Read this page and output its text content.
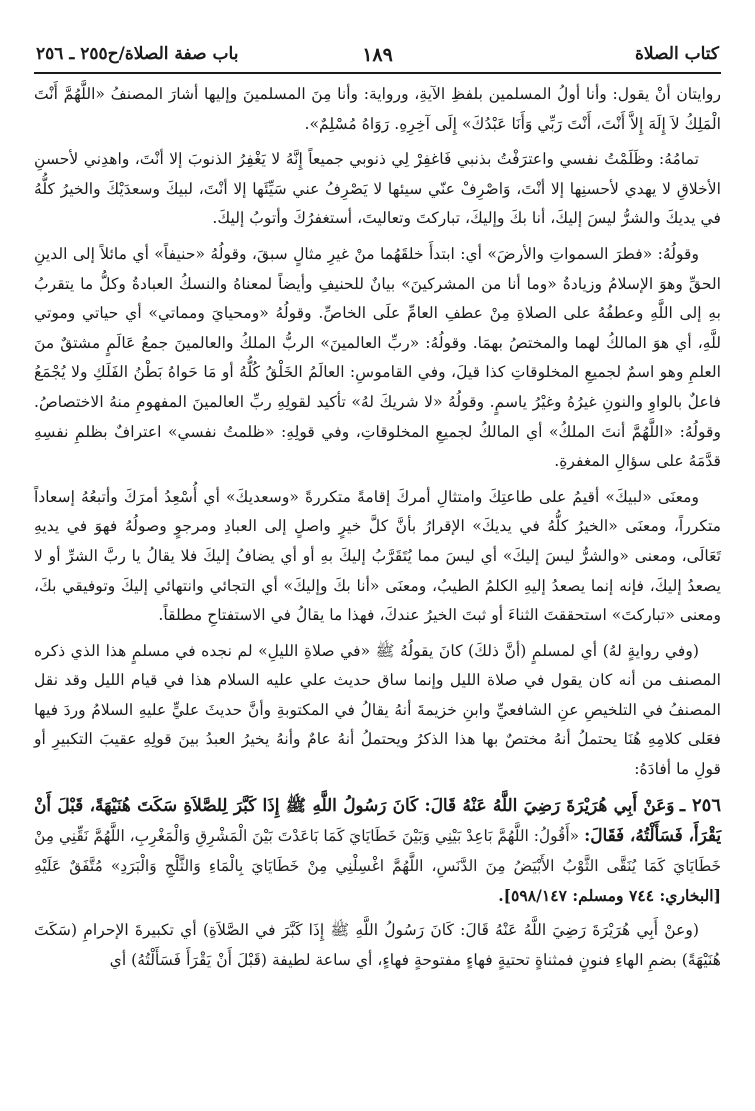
كتاب الصلاة
١٨٩
باب صفة الصلاة/ح٢٥٥ ـ ٢٥٦

روايتان أنْ يقول: وأنا أولُ المسلمين بلفظِ الآيةِ، ورواية: وأنا مِنَ المسلمينَ وإليها أشارَ المصنفُ «اللَّهُمَّ أَنْتَ الْمَلِكُ لاَ إِلَهَ إِلاَّ أَنْتَ، أَنْتَ رَبِّي وَأَنَا عَبْدُكَ» إِلَى آخِرِهِ. رَوَاهُ مُسْلِمٌ».

تمامُهُ: وظَلَمْتُ نفسي واعترَفْتُ بذنبي فَاغفِرْ لِي ذنوبي جميعاً إِنَّهُ لا يَغْفِرُ الذنوبَ إلا أنْتَ، واهدِني لأحسنِ الأخلاقِ لا يهدي لأحسنِها إلا أنْتَ، وَاصْرِفْ عنّي سيئها لا يَصْرِفُ عني سَيِّئَها إلا أنْتَ، لبيكَ وسعدَيْكَ والخيرُ كلُّهُ في يديكَ والشرُّ ليسَ إليكَ، أنا بكَ وإليكَ، تباركتَ وتعاليتَ، أستغفرُكَ وأتوبُ إليكَ.

وقولُهُ: «فطرَ السمواتِ والأرضَ» أي: ابتدأَ خلقَهُما منْ غيرِ مثالٍ سبقَ، وقولُهُ «حنيفاً» أي مائلاً إلى الدينِ الحقِّ وهوَ الإسلامُ وزيادةُ «وما أنا من المشركينَ» بيانٌ للحنيفِ وأيضاً لمعناهُ والنسكُ العبادةُ وكلُّ ما يتقربُ بهِ إلى اللَّهِ وعطفُهُ على الصلاةِ مِنْ عطفِ العامِّ علَى الخاصِّ. وقولُهُ «ومحيايَ ومماتي» أي حياتي وموتي للَّهِ، أي هوَ المالكُ لهما والمختصُ بهمَا. وقولُهُ: «ربِّ العالمينَ» الربُّ الملكُ والعالمينَ جمعُ عَالَمٍ مشتقٌ منَ العلمِ وهو اسمٌ لجميعِ المخلوقاتِ كذا قيلَ، وفي القاموسِ: العالَمُ الخَلْقُ كُلُّهُ أو مَا حَواهُ بَطْنُ الفَلَكِ ولا يُجْمَعُ فاعلٌ بالواوِ والنونِ غيرُهُ وغيْرُ ياسمٍ. وقولُهُ «لا شريكَ لهُ» تأكيد لقولِهِ ربِّ العالمينَ المفهومِ منهُ الاختصاصُ. وقولُهُ: «اللَّهُمَّ أنتَ الملكُ» أي المالكُ لجميعِ المخلوقاتِ، وفي قولِهِ: «ظلمتُ نفسي» اعترافٌ بظلمِ نفسِهِ قدَّمَهُ على سؤالِ المغفرةِ.

ومعنَى «لبيكَ» أقيمُ على طاعتِكَ وامتثالِ أمركَ إقامةً متكررةً «وسعديكَ» أي أُسْعِدُ أمرَكَ وأتبعُهُ إسعاداً متكرراً، ومعنَى «الخيرُ كلُّهُ في يديكَ» الإقرارُ بأنَّ كلَّ خيرٍ واصلٍ إلى العبادِ ومرجوٍ وصولُهُ فهوَ في يديهِ تَعَالَى، ومعنى «والشرُّ ليسَ إليكَ» أي ليسَ مما يُتَقَرَّبُ إليكَ بهِ أو أي يضافُ إليكَ فلا يقالُ يا ربَّ الشرِّ أو لا يصعدُ إليكَ، فإنه إنما يصعدُ إليهِ الكلمُ الطيبُ، ومعنَى «أنا بكَ وإليكَ» أي التجائي وانتهائي إليكَ وتوفيقي بكَ، ومعنى «تباركتَ» استحققتَ الثناءَ أو ثبتَ الخيرُ عندكَ، فهذا ما يقالُ في الاستفتاحِ مطلقاً.

(وفي روايةٍ لهُ) أي لمسلمٍ (أنَّ ذلكَ) كانَ يقولُهُ ﷺ «في صلاةِ الليلِ» لم نجده في مسلمٍ هذا الذي ذكره المصنف من أنه كان يقول في صلاة الليل وإنما ساق حديث علي عليه السلام هذا في قيام الليل وقد نقل المصنفُ في التلخيصِ عنِ الشافعيِّ وابنِ خزيمةَ أنهُ يقالُ في المكتوبةِ وأنَّ حديثَ عليٍّ عليهِ السلامُ وردَ فيها فعَلى كلامِهِ هُنَا يحتملُ أنهُ مختصٌ بها هذا الذكرُ ويحتملُ أنهُ عامٌ وأنهُ يخيرُ العبدُ بينَ قولِهِ عقيبَ التكبيرِ أو قولِ ما أفادَهُ:

٢٥٦ ـ وَعَنْ أَبِي هُرَيْرَةَ رَضِيَ اللَّهُ عَنْهُ قَالَ: كَانَ رَسُولُ اللَّهِ ﷺ إِذَا كَبَّرَ لِلصَّلاَةِ سَكَتَ هُنَيْهَةً، قَبْلَ أَنْ يَقْرَأَ، فَسَأَلْتُهُ، فَقَالَ: «أَقُولُ: اللَّهُمَّ بَاعِدْ بَيْنِي وَبَيْنَ خَطَايَايَ كَمَا بَاعَدْتَ بَيْنَ الْمَشْرِقِ وَالْمَغْرِبِ، اللَّهُمَّ نَقِّنِي مِنْ خَطَايَايَ كَمَا يُنَقَّى الثَّوْبُ الأَبْيَضُ مِنَ الدَّنَسِ، اللَّهُمَّ اغْسِلْنِي مِنْ خَطَايَايَ بِالْمَاءِ وَالثَّلْجِ وَالْبَرَدِ» مُتَّفَقٌ عَلَيْهِ [البخاري: ٧٤٤ ومسلم: ٥٩٨/١٤٧].

(وعنْ أَبِي هُرَيْرَةَ رَضِيَ اللَّهُ عَنْهُ قَالَ: كَانَ رَسُولُ اللَّهِ ﷺ إِذَا كَبَّرَ في الصَّلاَةِ) أي تكبيرةَ الإحرامِ (سَكَتَ هُنَيْهَةً) بضمِ الهاءِ فنونٍ فمثناةٍ تحتيةٍ فهاءٍ مفتوحةٍ فهاءٍ، أي ساعة لطيفة (قَبْلَ أَنْ يَقْرَأَ فَسَأَلْتُهُ) أي
